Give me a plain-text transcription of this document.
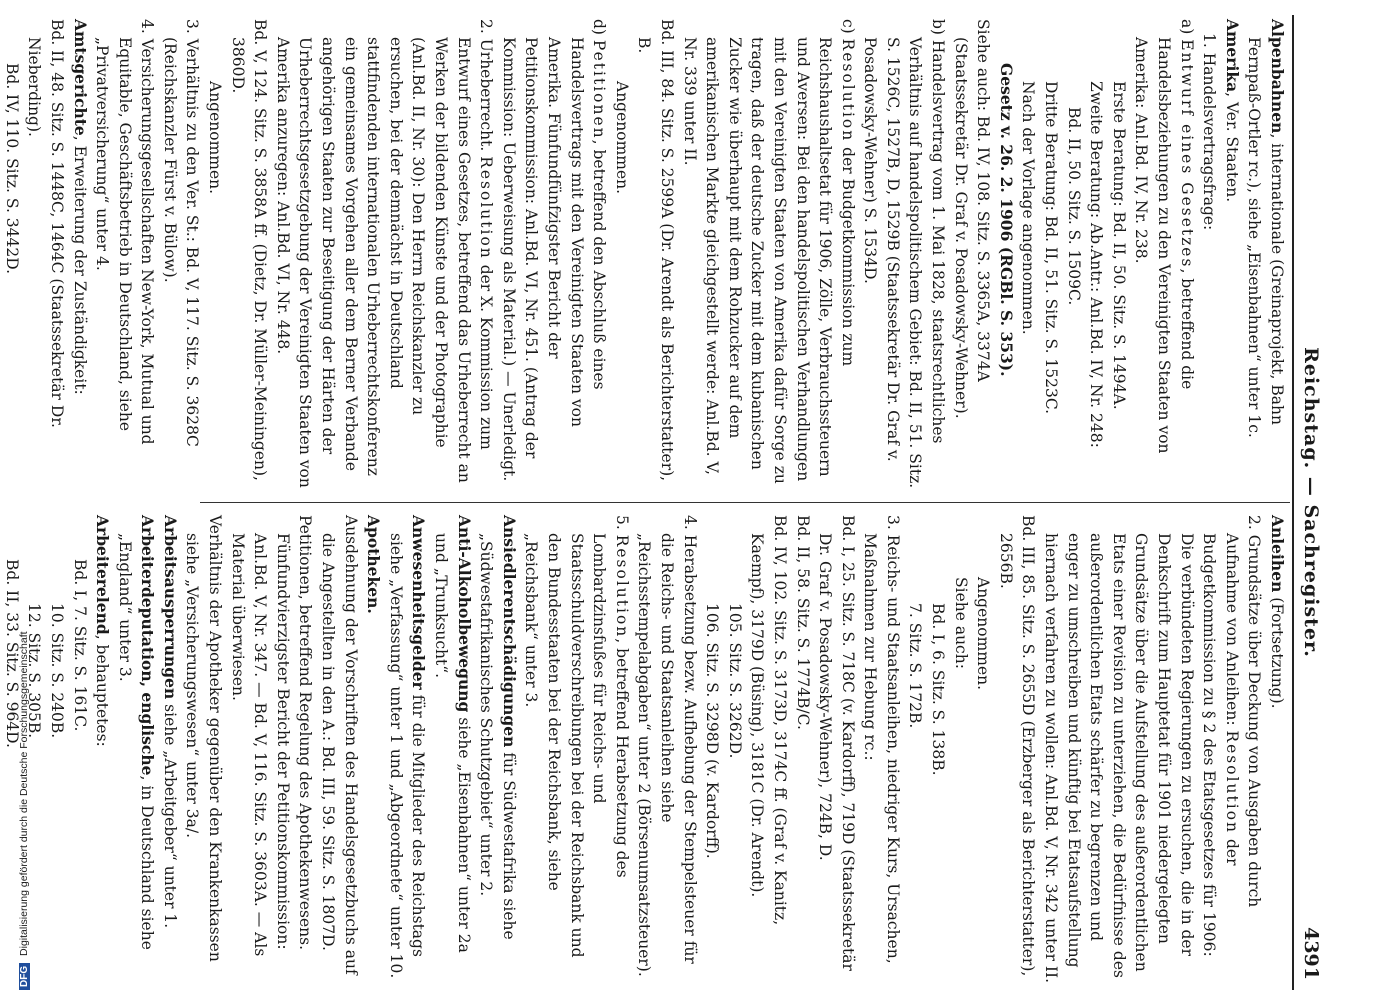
Reichstag. — Sachregister.
4391

Alpenbahnen, internationale (Greinaprojekt, Bahn Fernpaß-Ortler rc.), siehe „Eisenbahnen“ unter 1c.

Amerika, Ver. Staaten.

1. Handelsvertragsfrage:

a) Entwurf eines Gesetzes, betreffend die Handelsbeziehungen zu den Vereinigten Staaten von Amerika: Anl.Bd. IV, Nr. 238.

Erste Beratung: Bd. II, 50. Sitz. S. 1494A.

Zweite Beratung: Ab.Antr.: Anl.Bd. IV, Nr. 248:

Bd. II, 50. Sitz. S. 1509C.

Dritte Beratung: Bd. II, 51. Sitz. S. 1523C.

Nach der Vorlage angenommen.

Gesetz v. 26. 2. 1906 (RGBl. S. 353).

Siehe auch: Bd. IV, 108. Sitz. S. 3365A, 3374A (Staatssekretär Dr. Graf v. Posadowsky-Wehner).

b) Handelsvertrag vom 1. Mai 1828, staatsrechtliches Verhältnis auf handelspolitischem Gebiet: Bd. II, 51. Sitz. S. 1526C, 1527B, D, 1529B (Staatssekretär Dr. Graf v. Posadowsky-Wehner) S. 1534D.

c) Resolution der Budgetkommission zum Reichshaushaltsetat für 1906, Zölle, Verbrauchssteuern und Aversen: Bei den handelspolitischen Verhandlungen mit den Vereinigten Staaten von Amerika dafür Sorge zu tragen, daß der deutsche Zucker mit dem kubanischen Zucker wie überhaupt mit dem Rohzucker auf dem amerikanischen Markte gleichgestellt werde: Anl.Bd. V, Nr. 339 unter II.

Bd. III, 84. Sitz. S. 2599A (Dr. Arendt als Berichterstatter), B.

Angenommen.

d) Petitionen, betreffend den Abschluß eines Handelsvertrags mit den Vereinigten Staaten von Amerika. Fünfundfünfzigster Bericht der Petitionskommission: Anl.Bd. VI, Nr. 451. (Antrag der Kommission: Ueberweisung als Material.) — Unerledigt.

2. Urheberrecht. Resolution der X. Kommission zum Entwurf eines Gesetzes, betreffend das Urheberrecht an Werken der bildenden Künste und der Photographie (Anl.Bd. II, Nr. 30): Den Herrn Reichskanzler zu ersuchen, bei der demnächst in Deutschland stattfindenden internationalen Urheberrechtskonferenz ein gemeinsames Vorgehen aller dem Berner Verbande angehörigen Staaten zur Beseitigung der Härten der Urheberrechtsgesetzgebung der Vereinigten Staaten von Amerika anzuregen: Anl.Bd. VI, Nr. 448.

Bd. V, 124. Sitz. S. 3858A ff. (Dietz, Dr. Müller-Meiningen), 3860D.

Angenommen.

3. Verhältnis zu den Ver. St.: Bd. V, 117. Sitz. S. 3628C (Reichskanzler Fürst v. Bülow).

4. Versicherungsgesellschaften New-York, Mutual und Equitable, Geschäftsbetrieb in Deutschland, siehe „Privatversicherung“ unter 4.

Amtsgerichte, Erweiterung der Zuständigkeit:

Bd. II, 48. Sitz. S. 1448C, 1464C (Staatssekretär Dr. Nieberding).

Bd. IV, 110. Sitz. S. 3442D.

Anleihen (Fortsetzung).

2. Grundsätze über Deckung von Ausgaben durch Aufnahme von Anleihen: Resolution der Budgetkommission zu § 2 des Etatsgesetzes für 1906: Die verbündeten Regierungen zu ersuchen, die in der Denkschrift zum Hauptetat für 1901 niedergelegten Grundsätze über die Aufstellung des außerordentlichen Etats einer Revision zu unterziehen, die Bedürfnisse des außerordentlichen Etats schärfer zu begrenzen und enger zu umschreiben und künftig bei Etatsaufstellung hiernach verfahren zu wollen: Anl.Bd. V, Nr. 342 unter II.

Bd. III, 85. Sitz. S. 2655D (Erzberger als Berichterstatter), 2656B.

Angenommen.

Siehe auch:

Bd. I, 6. Sitz. S. 138B.

7. Sitz. S. 172B.

3. Reichs- und Staatsanleihen, niedriger Kurs, Ursachen, Maßnahmen zur Hebung rc.:

Bd. I, 25. Sitz. S. 718C (v. Kardorff), 719D (Staatssekretär Dr. Graf v. Posadowsky-Wehner), 724B, D.

Bd. II, 58. Sitz. S. 1774B/C.

Bd. IV, 102. Sitz. S. 3173D, 3174C ff. (Graf v. Kanitz, Kaempf), 3179D (Büsing), 3181C (Dr. Arendt).

105. Sitz. S. 3262D.

106. Sitz. S. 3298D (v. Kardorff).

4. Herabsetzung bezw. Aufhebung der Stempelsteuer für die Reichs- und Staatsanleihen siehe „Reichsstempelabgaben“ unter 2 (Börsenumsatzsteuer).

5. Resolution, betreffend Herabsetzung des Lombardzinsfußes für Reichs- und Staatsschuldverschreibungen bei der Reichsbank und den Bundesstaaten bei der Reichsbank, siehe „Reichsbank“ unter 3.

Ansiedlerentschädigungen für Südwestafrika siehe „Südwestafrikanisches Schutzgebiet“ unter 2.

Anti-Alkoholbewegung siehe „Eisenbahnen“ unter 2a und „Trunksucht“.

Anwesenheitsgelder für die Mitglieder des Reichstags siehe „Verfassung“ unter 1 und „Abgeordnete“ unter 10.

Apotheken.

Ausdehnung der Vorschriften des Handelsgesetzbuchs auf die Angestellten in den A.: Bd. III, 59. Sitz. S. 1807D.

Petitionen, betreffend Regelung des Apothekenwesens. Fünfundvierzigster Bericht der Petitionskommission: Anl.Bd. V, Nr. 347. — Bd. V, 116. Sitz. S. 3603A. — Als Material überwiesen.

Verhältnis der Apotheker gegenüber den Krankenkassen siehe „Versicherungswesen“ unter 3a/.

Arbeitsausperrungen siehe „Arbeitgeber“ unter 1.

Arbeiterdeputation, englische, in Deutschland siehe „England“ unter 3.

Arbeiterelend, behauptetes:

Bd. I, 7. Sitz. S. 161C.

10. Sitz. S. 240B.

12. Sitz. S. 305B.

Bd. II, 33. Sitz. S. 964D.

DFG Digitalisierung gefördert durch die Deutsche Forschungsgemeinschaft
